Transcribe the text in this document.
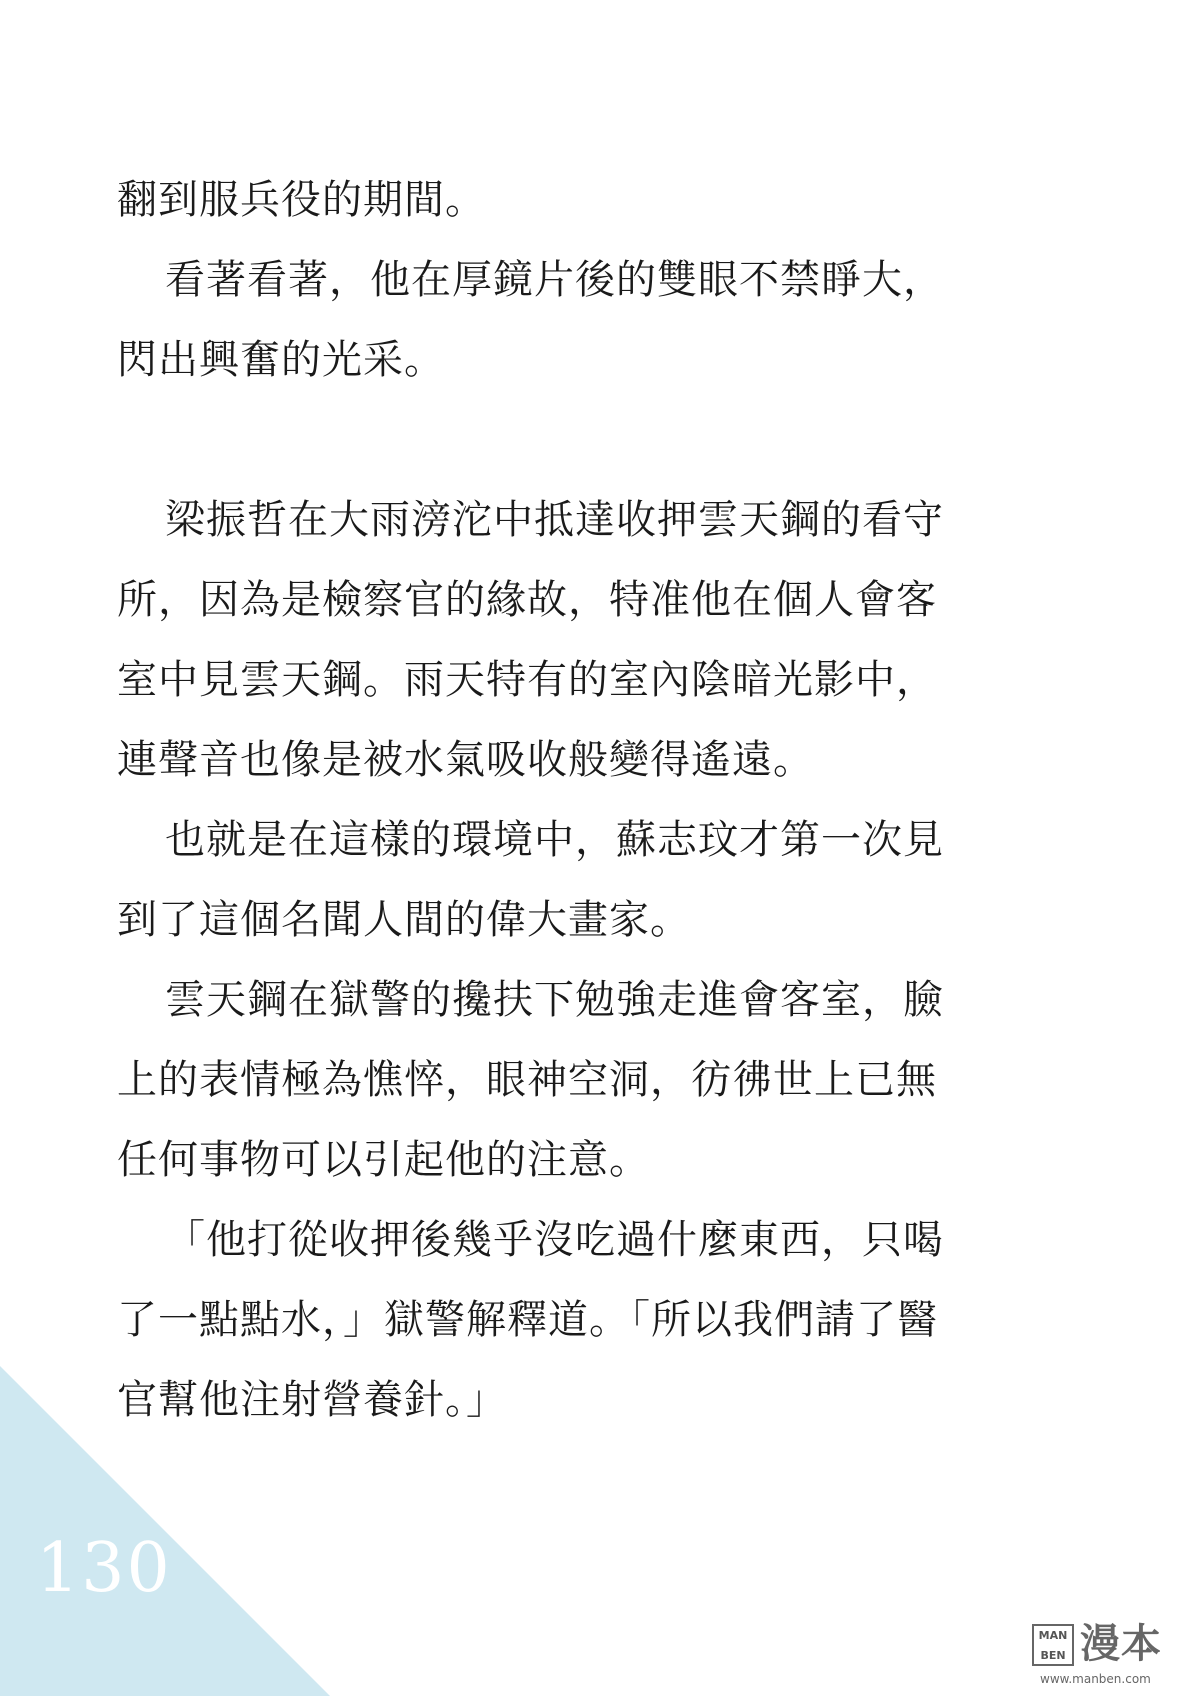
130
翻到服兵役的期間。
看著看著，他在厚鏡片後的雙眼不禁睜大，
閃出興奮的光采。
梁振哲在大雨滂沱中抵達收押雲天鋼的看守
所，因為是檢察官的緣故，特准他在個人會客
室中見雲天鋼。雨天特有的室內陰暗光影中，
連聲音也像是被水氣吸收般變得遙遠。
也就是在這樣的環境中，蘇志玟才第一次見
到了這個名聞人間的偉大畫家。
雲天鋼在獄警的攙扶下勉強走進會客室，臉
上的表情極為憔悴，眼神空洞，彷彿世上已無
任何事物可以引起他的注意。
「他打從收押後幾乎沒吃過什麼東西，只喝
了一點點水，」獄警解釋道。「所以我們請了醫
官幫他注射營養針。」
MAN
BEN 漫本
www.manben.com
